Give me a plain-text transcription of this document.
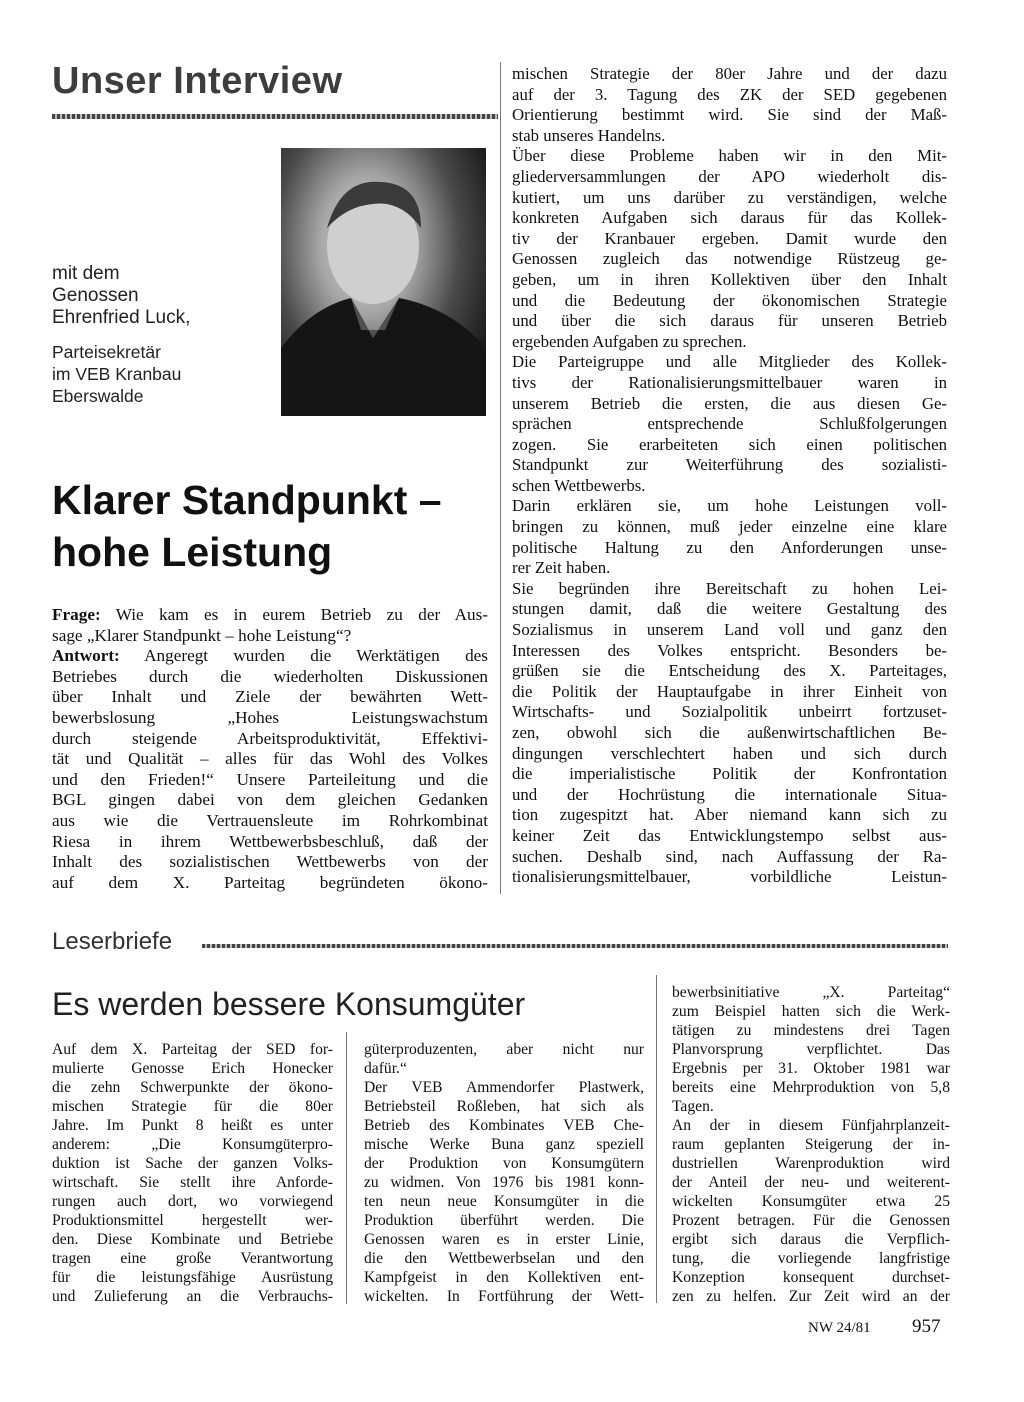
Unser Interview
mit dem
Genossen
Ehrenfried Luck,
Parteisekretär
im VEB Kranbau
Eberswalde
Klarer Standpunkt –
hohe Leistung
Frage: Wie kam es in eurem Betrieb zu der Aus-
sage „Klarer Standpunkt – hohe Leistung“?
Antwort: Angeregt wurden die Werktätigen des
Betriebes durch die wiederholten Diskussionen
über Inhalt und Ziele der bewährten Wett-
bewerbslosung „Hohes Leistungswachstum
durch steigende Arbeitsproduktivität, Effektivi-
tät und Qualität – alles für das Wohl des Volkes
und den Frieden!“ Unsere Parteileitung und die
BGL gingen dabei von dem gleichen Gedanken
aus wie die Vertrauensleute im Rohrkombinat
Riesa in ihrem Wettbewerbsbeschluß, daß der
Inhalt des sozialistischen Wettbewerbs von der
auf dem X. Parteitag begründeten ökono-
mischen Strategie der 80er Jahre und der dazu
auf der 3. Tagung des ZK der SED gegebenen
Orientierung bestimmt wird. Sie sind der Maß-
stab unseres Handelns.
Über diese Probleme haben wir in den Mit-
gliederversammlungen der APO wiederholt dis-
kutiert, um uns darüber zu verständigen, welche
konkreten Aufgaben sich daraus für das Kollek-
tiv der Kranbauer ergeben. Damit wurde den
Genossen zugleich das notwendige Rüstzeug ge-
geben, um in ihren Kollektiven über den Inhalt
und die Bedeutung der ökonomischen Strategie
und über die sich daraus für unseren Betrieb
ergebenden Aufgaben zu sprechen.
Die Parteigruppe und alle Mitglieder des Kollek-
tivs der Rationalisierungsmittelbauer waren in
unserem Betrieb die ersten, die aus diesen Ge-
sprächen entsprechende Schlußfolgerungen
zogen. Sie erarbeiteten sich einen politischen
Standpunkt zur Weiterführung des sozialisti-
schen Wettbewerbs.
Darin erklären sie, um hohe Leistungen voll-
bringen zu können, muß jeder einzelne eine klare
politische Haltung zu den Anforderungen unse-
rer Zeit haben.
Sie begründen ihre Bereitschaft zu hohen Lei-
stungen damit, daß die weitere Gestaltung des
Sozialismus in unserem Land voll und ganz den
Interessen des Volkes entspricht. Besonders be-
grüßen sie die Entscheidung des X. Parteitages,
die Politik der Hauptaufgabe in ihrer Einheit von
Wirtschafts- und Sozialpolitik unbeirrt fortzuset-
zen, obwohl sich die außenwirtschaftlichen Be-
dingungen verschlechtert haben und sich durch
die imperialistische Politik der Konfrontation
und der Hochrüstung die internationale Situa-
tion zugespitzt hat. Aber niemand kann sich zu
keiner Zeit das Entwicklungstempo selbst aus-
suchen. Deshalb sind, nach Auffassung der Ra-
tionalisierungsmittelbauer, vorbildliche Leistun-
Leserbriefe
Es werden bessere Konsumgüter
Auf dem X. Parteitag der SED for-
mulierte Genosse Erich Honecker
die zehn Schwerpunkte der ökono-
mischen Strategie für die 80er
Jahre. Im Punkt 8 heißt es unter
anderem: „Die Konsumgüterpro-
duktion ist Sache der ganzen Volks-
wirtschaft. Sie stellt ihre Anforde-
rungen auch dort, wo vorwiegend
Produktionsmittel hergestellt wer-
den. Diese Kombinate und Betriebe
tragen eine große Verantwortung
für die leistungsfähige Ausrüstung
und Zulieferung an die Verbrauchs-
güterproduzenten, aber nicht nur
dafür.“
Der VEB Ammendorfer Plastwerk,
Betriebsteil Roßleben, hat sich als
Betrieb des Kombinates VEB Che-
mische Werke Buna ganz speziell
der Produktion von Konsumgütern
zu widmen. Von 1976 bis 1981 konn-
ten neun neue Konsumgüter in die
Produktion überführt werden. Die
Genossen waren es in erster Linie,
die den Wettbewerbselan und den
Kampfgeist in den Kollektiven ent-
wickelten. In Fortführung der Wett-
bewerbsinitiative „X. Parteitag“
zum Beispiel hatten sich die Werk-
tätigen zu mindestens drei Tagen
Planvorsprung verpflichtet. Das
Ergebnis per 31. Oktober 1981 war
bereits eine Mehrproduktion von 5,8
Tagen.
An der in diesem Fünfjahrplanzeit-
raum geplanten Steigerung der in-
dustriellen Warenproduktion wird
der Anteil der neu- und weiterent-
wickelten Konsumgüter etwa 25
Prozent betragen. Für die Genossen
ergibt sich daraus die Verpflich-
tung, die vorliegende langfristige
Konzeption konsequent durchset-
zen zu helfen. Zur Zeit wird an der
NW 24/81 957
